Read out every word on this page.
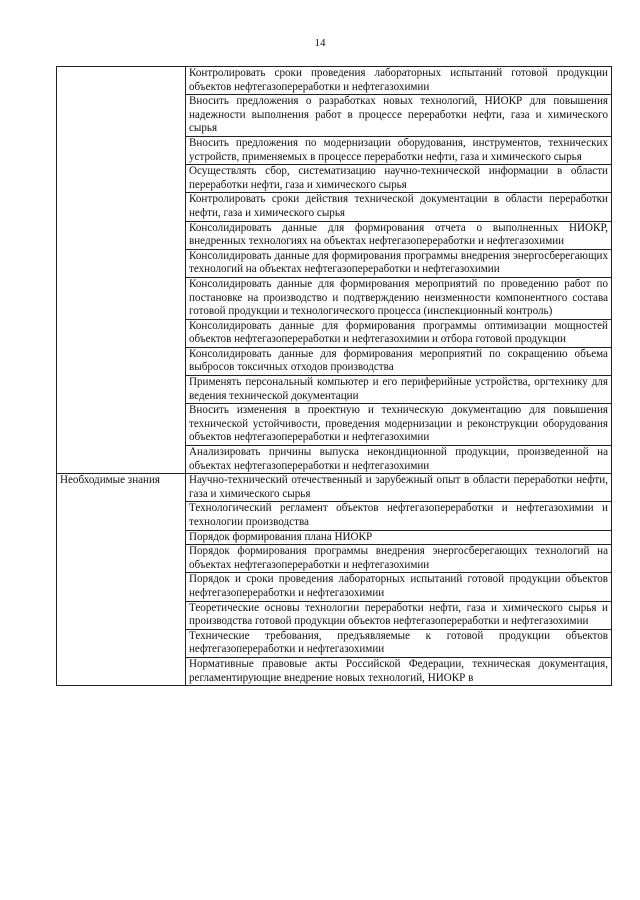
14
	Контролировать сроки проведения лабораторных испытаний готовой продукции объектов нефтегазопереработки и нефтегазохимии
	Вносить предложения о разработках новых технологий, НИОКР для повышения надежности выполнения работ в процессе переработки нефти, газа и химического сырья
	Вносить предложения по модернизации оборудования, инструментов, технических устройств, применяемых в процессе переработки нефти, газа и химического сырья
	Осуществлять сбор, систематизацию научно-технической информации в области переработки нефти, газа и химического сырья
	Контролировать сроки действия технической документации в области переработки нефти, газа и химического сырья
	Консолидировать данные для формирования отчета о выполненных НИОКР, внедренных технологиях на объектах нефтегазопереработки и нефтегазохимии
	Консолидировать данные для формирования программы внедрения энергосберегающих технологий на объектах нефтегазопереработки и нефтегазохимии
	Консолидировать данные для формирования мероприятий по проведению работ по постановке на производство и подтверждению неизменности компонентного состава готовой продукции и технологического процесса (инспекционный контроль)
	Консолидировать данные для формирования программы оптимизации мощностей объектов нефтегазопереработки и нефтегазохимии и отбора готовой продукции
	Консолидировать данные для формирования мероприятий по сокращению объема выбросов токсичных отходов производства
	Применять персональный компьютер и его периферийные устройства, оргтехнику для ведения технической документации
	Вносить изменения в проектную и техническую документацию для повышения технической устойчивости, проведения модернизации и реконструкции оборудования объектов нефтегазопереработки и нефтегазохимии
	Анализировать причины выпуска некондиционной продукции, произведенной на объектах нефтегазопереработки и нефтегазохимии
Необходимые знания	Научно-технический отечественный и зарубежный опыт в области переработки нефти, газа и химического сырья
	Технологический регламент объектов нефтегазопереработки и нефтегазохимии и технологии производства
	Порядок формирования плана НИОКР
	Порядок формирования программы внедрения энергосберегающих технологий на объектах нефтегазопереработки и нефтегазохимии
	Порядок и сроки проведения лабораторных испытаний готовой продукции объектов нефтегазопереработки и нефтегазохимии
	Теоретические основы технологии переработки нефти, газа и химического сырья и производства готовой продукции объектов нефтегазопереработки и нефтегазохимии
	Технические требования, предъявляемые к готовой продукции объектов нефтегазопереработки и нефтегазохимии
	Нормативные правовые акты Российской Федерации, техническая документация, регламентирующие внедрение новых технологий, НИОКР в
